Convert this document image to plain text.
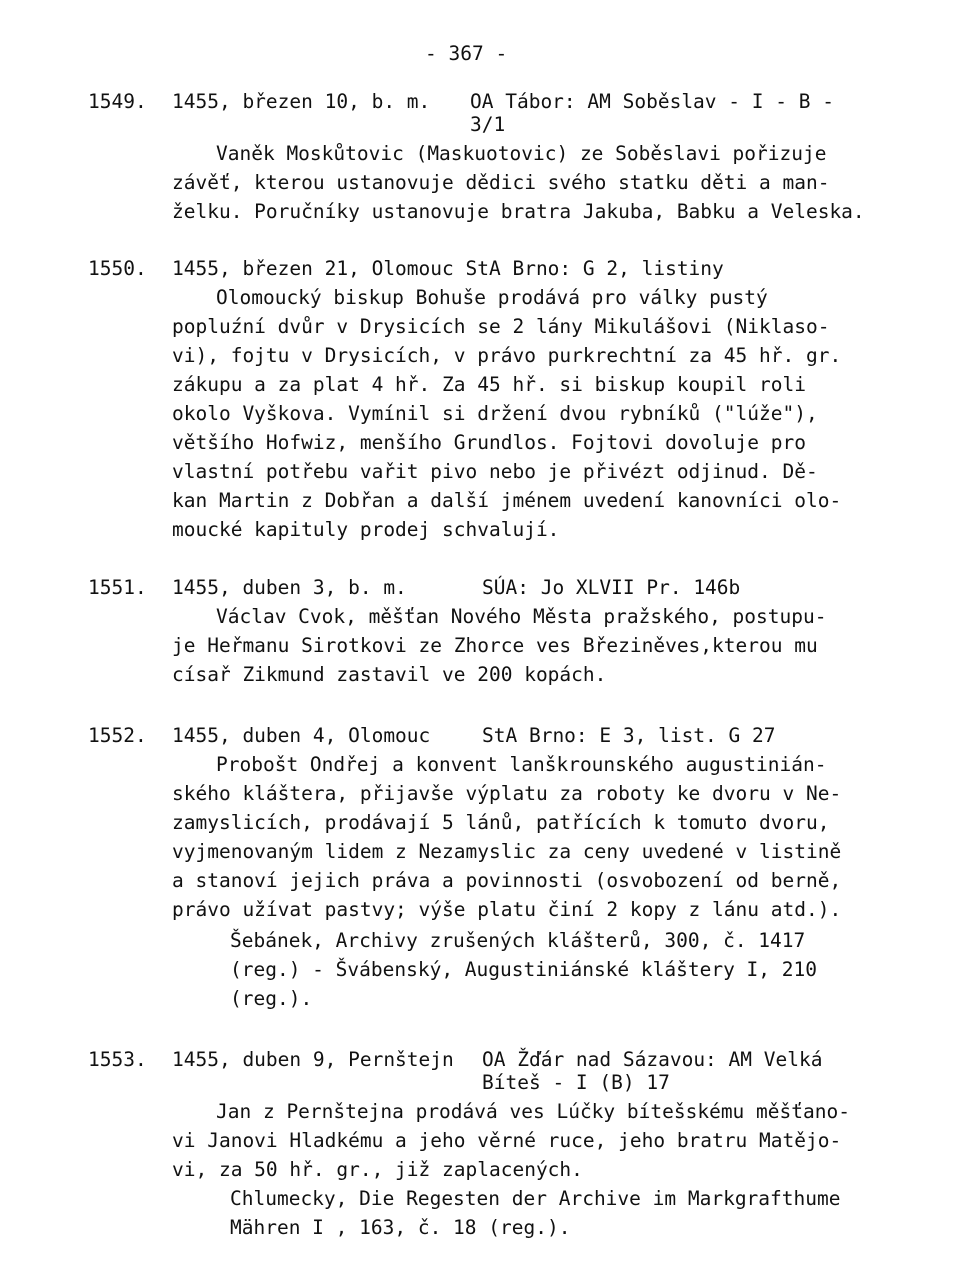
- 367 -
1549. 1455, březen 10, b. m. OA Tábor: AM Soběslav - I - B -
3/1
Vaněk Moskůtovic (Maskuotovic) ze Soběslavi pořizuje
závěť, kterou ustanovuje dědici svého statku děti a man-
želku. Poručníky ustanovuje bratra Jakuba, Babku a Veleska.
1550. 1455, březen 21, Olomouc StA Brno: G 2, listiny
Olomoucký biskup Bohuše prodává pro války pustý
popluźní dvůr v Drysicích se 2 lány Mikulášovi (Niklaso-
vi), fojtu v Drysicích, v právo purkrechtní za 45 hř. gr.
zákupu a za plat 4 hř. Za 45 hř. si biskup koupil roli
okolo Vyškova. Vymínil si držení dvou rybníků ("lúže"),
většího Hofwiz, menšího Grundlos. Fojtovi dovoluje pro
vlastní potřebu vařit pivo nebo je přivézt odjinud. Dě-
kan Martin z Dobřan a další jménem uvedení kanovníci olo-
moucké kapituly prodej schvalují.
1551. 1455, duben 3, b. m.	SÚA: Jo XLVII Pr. 146b
Václav Cvok, měšťan Nového Města pražského, postupu-
je Heřmanu Sirotkovi ze Zhorce ves Březiněves,kterou mu
císař Zikmund zastavil ve 200 kopách.
1552. 1455, duben 4, Olomouc	StA Brno: E 3, list. G 27
Probošt Ondřej a konvent lanškrounského augustinián-
ského kláštera, přijavše výplatu za roboty ke dvoru v Ne-
zamyslicích, prodávají 5 lánů, patřících k tomuto dvoru,
vyjmenovaným lidem z Nezamyslic za ceny uvedené v listině
a stanoví jejich práva a povinnosti (osvobození od berně,
právo užívat pastvy; výše platu činí 2 kopy z lánu atd.).
Šebánek, Archivy zrušených klášterů, 300, č. 1417
(reg.) - Švábenský, Augustiniánské kláštery I, 210
(reg.).
1553. 1455, duben 9, Pernštejn OA Žďár nad Sázavou: AM Velká
Bíteš - I (B) 17
Jan z Pernštejna prodává ves Lúčky bítešskému měšťano-
vi Janovi Hladkému a jeho věrné ruce, jeho bratru Matějo-
vi, za 50 hř. gr., již zaplacených.
Chlumecky, Die Regesten der Archive im Markgrafthume
Mähren I , 163, č. 18 (reg.).
